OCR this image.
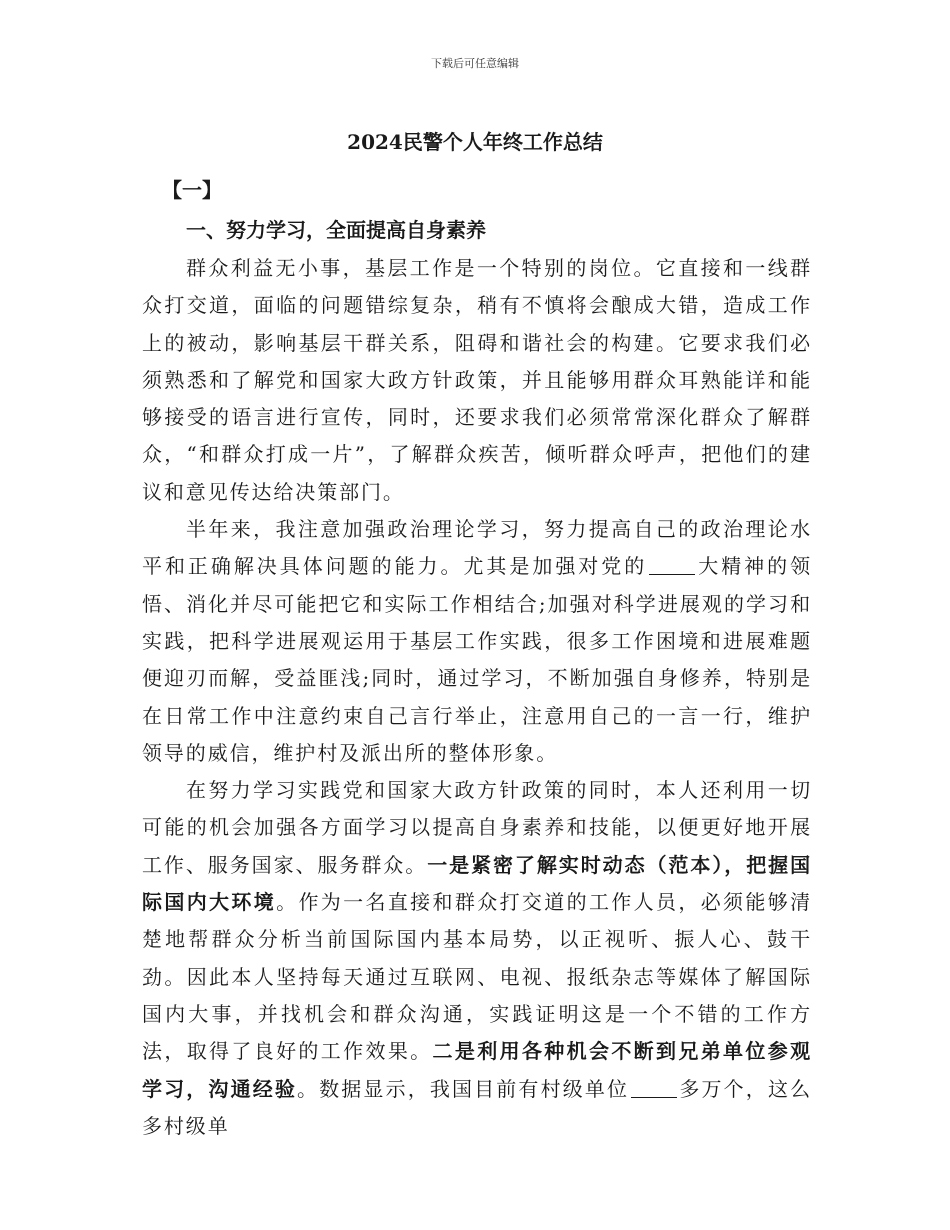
下载后可任意编辑
2024民警个人年终工作总结
【一】
一、努力学习，全面提高自身素养

群众利益无小事，基层工作是一个特别的岗位。它直接和一线群众打交道，面临的问题错综复杂，稍有不慎将会酿成大错，造成工作上的被动，影响基层干群关系，阻碍和谐社会的构建。它要求我们必须熟悉和了解党和国家大政方针政策，并且能够用群众耳熟能详和能够接受的语言进行宣传，同时，还要求我们必须常常深化群众了解群众，“和群众打成一片”，了解群众疾苦，倾听群众呼声，把他们的建议和意见传达给决策部门。

半年来，我注意加强政治理论学习，努力提高自己的政治理论水平和正确解决具体问题的能力。尤其是加强对党的	大精神的领悟、消化并尽可能把它和实际工作相结合;加强对科学进展观的学习和实践，把科学进展观运用于基层工作实践，很多工作困境和进展难题便迎刃而解，受益匪浅;同时，通过学习，不断加强自身修养，特别是在日常工作中注意约束自己言行举止，注意用自己的一言一行，维护领导的威信，维护村及派出所的整体形象。

在努力学习实践党和国家大政方针政策的同时，本人还利用一切可能的机会加强各方面学习以提高自身素养和技能，以便更好地开展工作、服务国家、服务群众。一是紧密了解实时动态（范本），把握国际国内大环境。作为一名直接和群众打交道的工作人员，必须能够清楚地帮群众分析当前国际国内基本局势，以正视听、振人心、鼓干劲。因此本人坚持每天通过互联网、电视、报纸杂志等媒体了解国际国内大事，并找机会和群众沟通，实践证明这是一个不错的工作方法，取得了良好的工作效果。二是利用各种机会不断到兄弟单位参观学习，沟通经验。数据显示，我国目前有村级单位	多万个，这么多村级单
